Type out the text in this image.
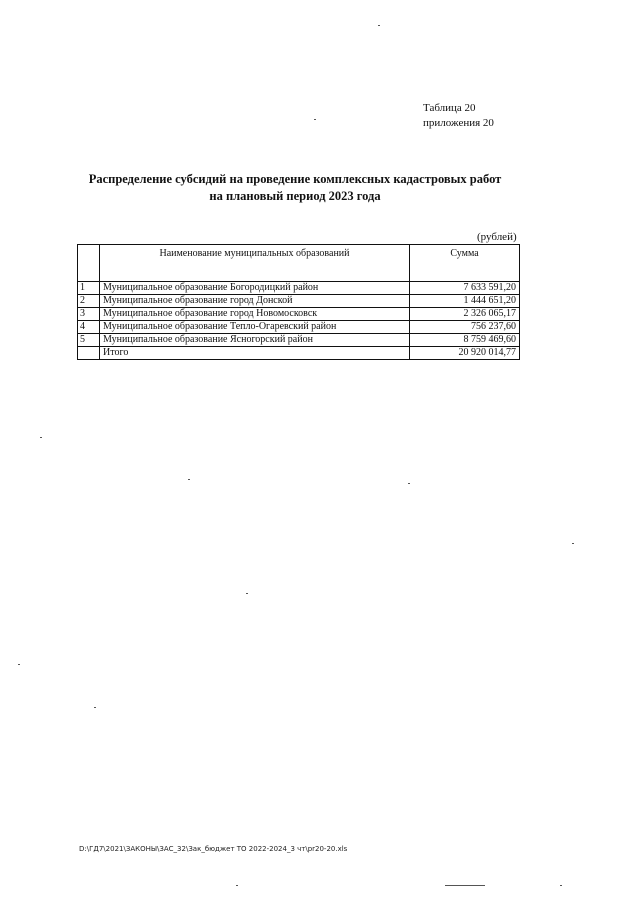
Таблица 20
приложения 20
Распределение субсидий на проведение комплексных кадастровых работ
на плановый период 2023 года
(рублей)
	Наименование муниципальных образований	Сумма
1	Муниципальное образование Богородицкий район	7 633 591,20
2	Муниципальное образование город Донской	1 444 651,20
3	Муниципальное образование город Новомосковск	2 326 065,17
4	Муниципальное образование Тепло-Огаревский район	756 237,60
5	Муниципальное образование Ясногорский район	8 759 469,60
	Итого	20 920 014,77
D:\ГД7\2021\ЗАКОНЫ\ЗАС_32\Зак_бюджет ТО 2022-2024_3 чт\pr20-20.xls
